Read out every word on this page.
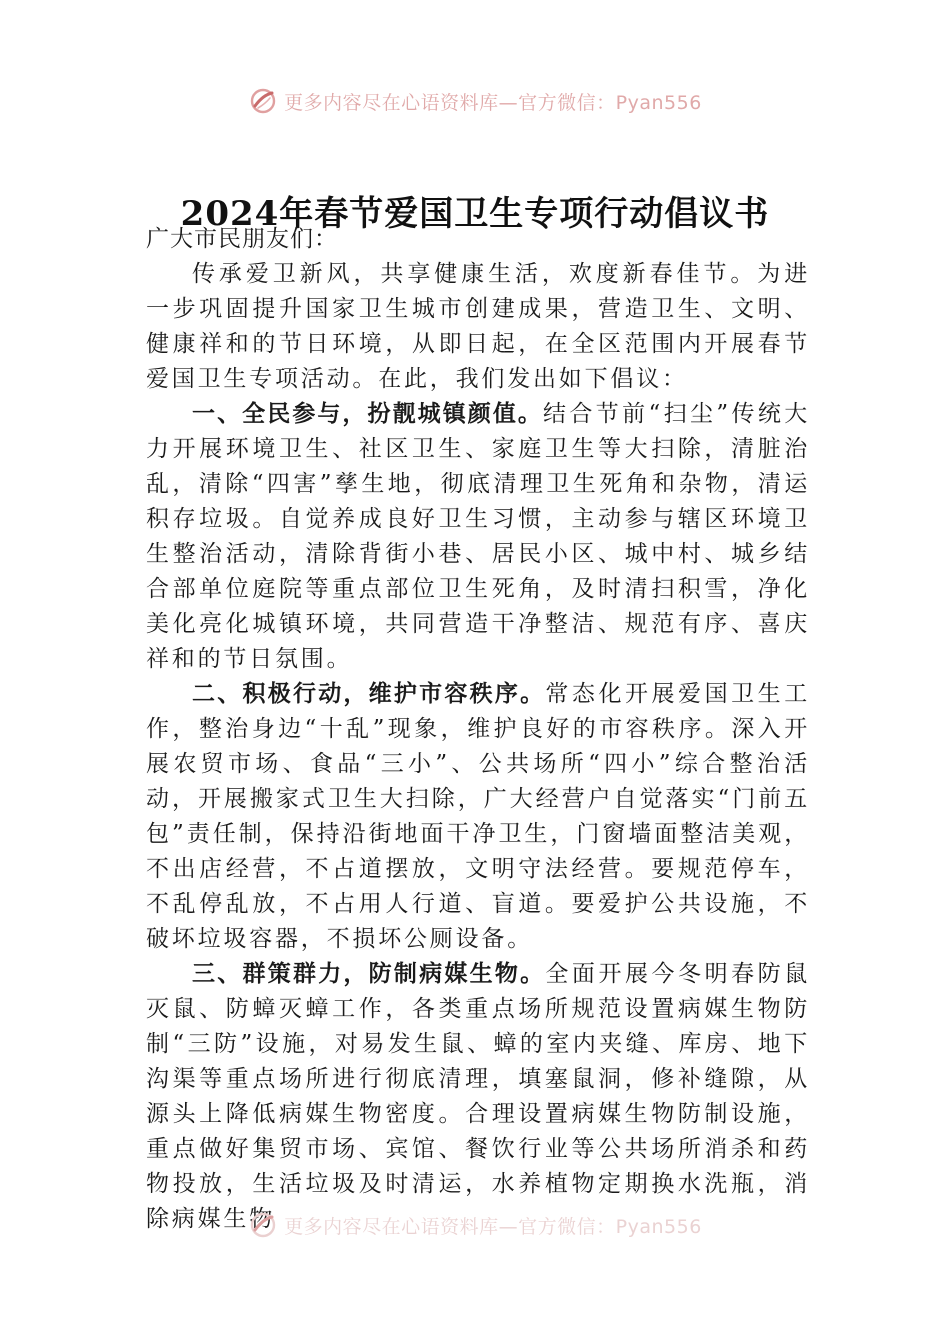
更多内容尽在心语资料库—官方微信：Pyan556
2024年春节爱国卫生专项行动倡议书

广大市民朋友们：

传承爱卫新风，共享健康生活，欢度新春佳节。为进一步巩固提升国家卫生城市创建成果，营造卫生、文明、健康祥和的节日环境，从即日起，在全区范围内开展春节爱国卫生专项活动。在此，我们发出如下倡议：

一、全民参与，扮靓城镇颜值。结合节前“扫尘”传统大力开展环境卫生、社区卫生、家庭卫生等大扫除，清脏治乱，清除“四害”孳生地，彻底清理卫生死角和杂物，清运积存垃圾。自觉养成良好卫生习惯，主动参与辖区环境卫生整治活动，清除背街小巷、居民小区、城中村、城乡结合部单位庭院等重点部位卫生死角，及时清扫积雪，净化美化亮化城镇环境，共同营造干净整洁、规范有序、喜庆祥和的节日氛围。

二、积极行动，维护市容秩序。常态化开展爱国卫生工作，整治身边“十乱”现象，维护良好的市容秩序。深入开展农贸市场、食品“三小”、公共场所“四小”综合整治活动，开展搬家式卫生大扫除，广大经营户自觉落实“门前五包”责任制，保持沿街地面干净卫生，门窗墙面整洁美观，不出店经营，不占道摆放，文明守法经营。要规范停车，不乱停乱放，不占用人行道、盲道。要爱护公共设施，不破坏垃圾容器，不损坏公厕设备。

三、群策群力，防制病媒生物。全面开展今冬明春防鼠灭鼠、防蟑灭蟑工作，各类重点场所规范设置病媒生物防制“三防”设施，对易发生鼠、蟑的室内夹缝、库房、地下沟渠等重点场所进行彻底清理，填塞鼠洞，修补缝隙，从源头上降低病媒生物密度。合理设置病媒生物防制设施，重点做好集贸市场、宾馆、餐饮行业等公共场所消杀和药物投放，生活垃圾及时清运，水养植物定期换水洗瓶，消除病媒生物 更多内容尽在心语资料库—官方微信：Pyan556
